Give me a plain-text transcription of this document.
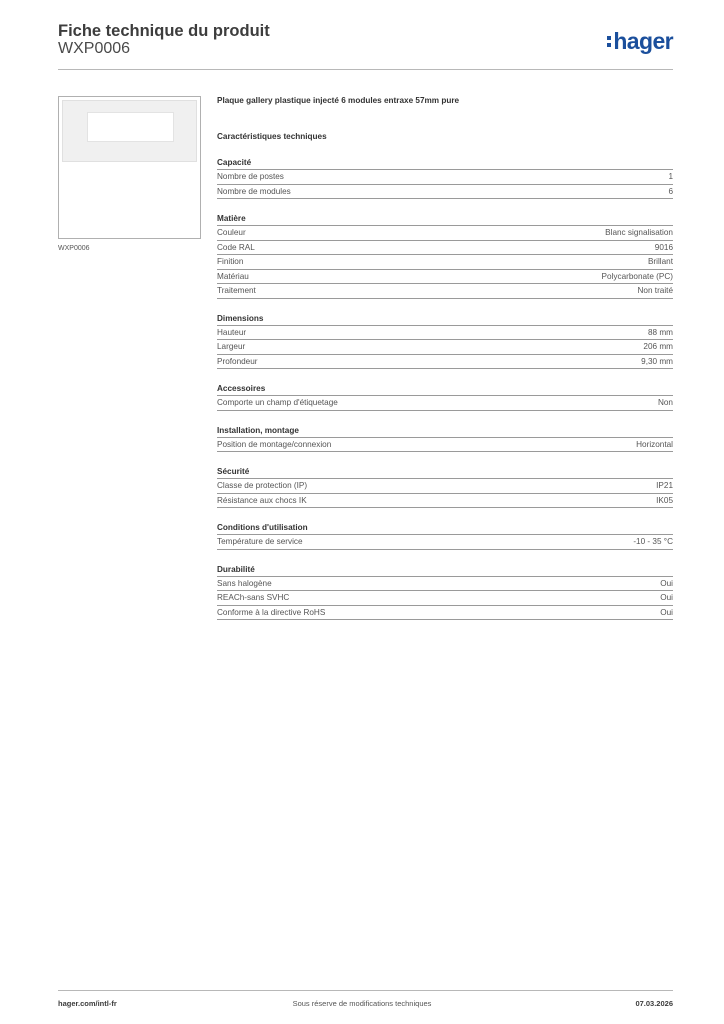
Fiche technique du produit
WXP0006	hager
WXP0006
Plaque gallery plastique injecté 6 modules entraxe 57mm pure
Caractéristiques techniques
Capacité
Nombre de postes	1
Nombre de modules	6
Matière
Couleur	Blanc signalisation
Code RAL	9016
Finition	Brillant
Matériau	Polycarbonate (PC)
Traitement	Non traité
Dimensions
Hauteur	88 mm
Largeur	206 mm
Profondeur	9,30 mm
Accessoires
Comporte un champ d'étiquetage	Non
Installation, montage
Position de montage/connexion	Horizontal
Sécurité
Classe de protection (IP)	IP21
Résistance aux chocs IK	IK05
Conditions d'utilisation
Température de service	-10 - 35 °C
Durabilité
Sans halogène	Oui
REACh-sans SVHC	Oui
Conforme à la directive RoHS	Oui
hager.com/intl-fr	Sous réserve de modifications techniques	07.03.2026
